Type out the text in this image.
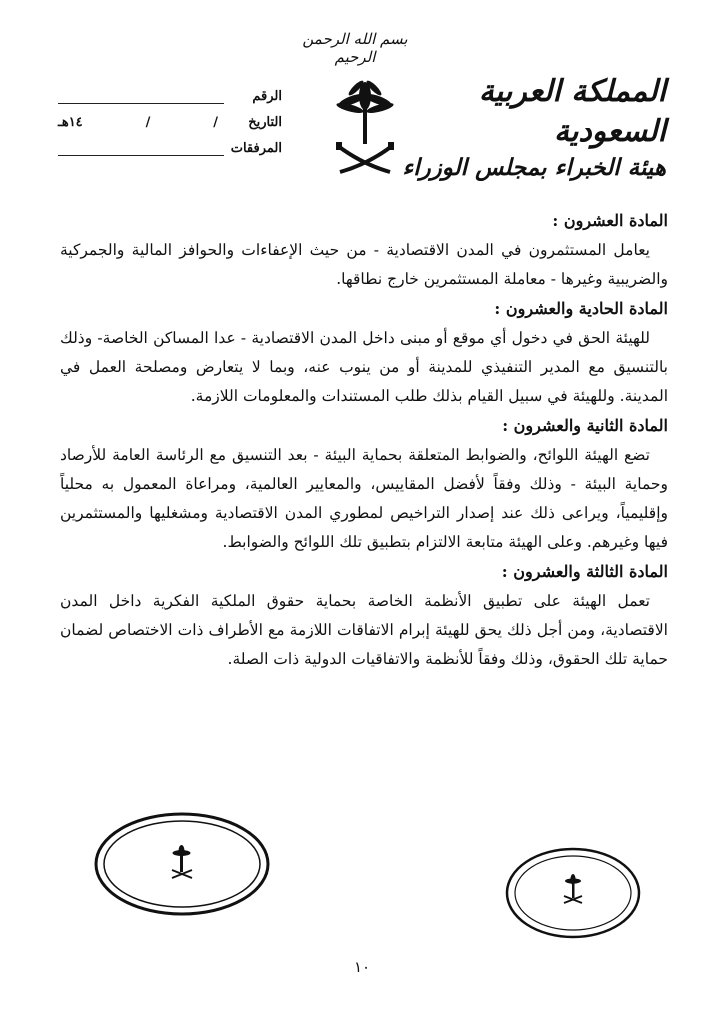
بسم الله الرحمن الرحيم
المملكة العربية السعودية
هيئة الخبراء بمجلس الوزراء
الرقم
التاريخ
/
/
١٤هـ
المرفقات
المادة العشرون :
يعامل المستثمرون في المدن الاقتصادية - من حيث الإعفاءات والحوافز المالية والجمركية والضريبية وغيرها - معاملة المستثمرين خارج نطاقها.
المادة الحادية والعشرون :
للهيئة الحق في دخول أي موقع أو مبنى داخل المدن الاقتصادية - عدا المساكن الخاصة- وذلك بالتنسيق مع المدير التنفيذي للمدينة أو من ينوب عنه، وبما لا يتعارض ومصلحة العمل في المدينة. وللهيئة في سبيل القيام بذلك طلب المستندات والمعلومات اللازمة.
المادة الثانية والعشرون :
تضع الهيئة اللوائح، والضوابط المتعلقة بحماية البيئة - بعد التنسيق مع الرئاسة العامة للأرصاد وحماية البيئة - وذلك وفقاً لأفضل المقاييس، والمعايير العالمية، ومراعاة المعمول به محلياً وإقليمياً، ويراعى ذلك عند إصدار التراخيص لمطوري المدن الاقتصادية ومشغليها والمستثمرين فيها وغيرهم. وعلى الهيئة متابعة الالتزام بتطبيق تلك اللوائح والضوابط.
المادة الثالثة والعشرون :
تعمل الهيئة على تطبيق الأنظمة الخاصة بحماية حقوق الملكية الفكرية داخل المدن الاقتصادية، ومن أجل ذلك يحق للهيئة إبرام الاتفاقات اللازمة مع الأطراف ذات الاختصاص لضمان حماية تلك الحقوق، وذلك وفقاً للأنظمة والاتفاقيات الدولية ذات الصلة.
١٠
